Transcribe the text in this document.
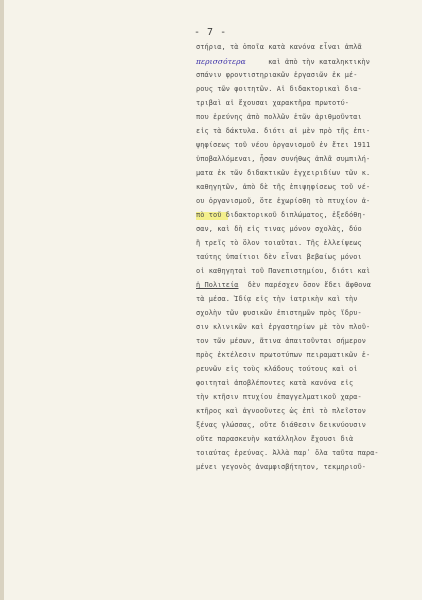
- 7 -
στήρια, τὰ ὁποῖα κατὰ κανόνα εἶναι ἁπλᾶ
περισσότερα	καὶ ἀπὸ τὴν καταληκτικὴν
σπάνιν φροντιστηριακῶν ἐργασιῶν ἐκ μέ-
ρους τῶν φοιτητῶν. Αἱ διδακτορικαὶ δια-
τριβαὶ αἱ ἔχουσαι χαρακτῆρα πρωτοτύ-
που ἐρεύνης ἀπὸ πολλῶν ἐτῶν ἀριθμοῦνται
εἰς τὰ δάκτυλα. διότι αἱ μὲν πρὸ τῆς ἐπι-
ψηφίσεως τοῦ νέου ὀργανισμοῦ ἐν ἔτει 1911
ὑποβαλλόμεναι, ἦσαν συνήθως ἁπλᾶ συμπιλή-
ματα ἐκ τῶν διδακτικῶν ἐγχειριδίων τῶν κ.
καθηγητῶν, ἀπὸ δὲ τῆς ἐπιψηφίσεως τοῦ νέ-
ου ὀργανισμοῦ, ὅτε ἐχωρίσθη τὸ πτυχίον ἀ-
πὸ τοῦ διδακτορικοῦ διπλώματος, ἐξεδόθη-
σαν, καὶ δὴ εἰς τινας μόνον σχολὰς, δύο
ἢ τρεῖς τὸ ὅλον τοιαῦται. Τῆς ἐλλείψεως
ταύτης ὑπαίτιοι δὲν εἶναι βεβαίως μόνοι
οἱ καθηγηταὶ τοῦ Πανεπιστημίου, διότι καὶ
ἡ Πολιτεία δὲν παρέσχεν ὅσον ἔδει ἄφθονα
τὰ μέσα. Ἰδίᾳ εἰς τὴν ἰατρικὴν καὶ τὴν
σχολὴν τῶν φυσικῶν ἐπιστημῶν πρὸς ἵδρυ-
σιν κλινικῶν καὶ ἐργαστηρίων μὲ τὸν πλοῦ-
τον τῶν μέσων, ἅτινα ἀπαιτοῦνται σήμερον
πρὸς ἐκτέλεσιν πρωτοτύπων πειραματικῶν ἐ-
ρευνῶν εἰς τοὺς κλάδους τούτους καὶ οἱ
φοιτηταὶ ἀποβλέποντες κατὰ κανόνα εἰς
τὴν κτῆσιν πτυχίου ἐπαγγελματικοῦ χαρα-
κτῆρος καὶ ἀγνοοῦντες ὡς ἐπὶ τὸ πλεῖστον
ξένας γλώσσας, οὔτε διάθεσιν δεικνύουσιν
οὔτε παρασκευὴν κατάλληλον ἔχουσι διὰ
τοιαύτας ἐρεύνας. Ἀλλὰ παρ᾽ ὅλα ταῦτα παρα-
μένει γεγονὸς ἀναμφισβήτητον, τεκμηριοῦ-
